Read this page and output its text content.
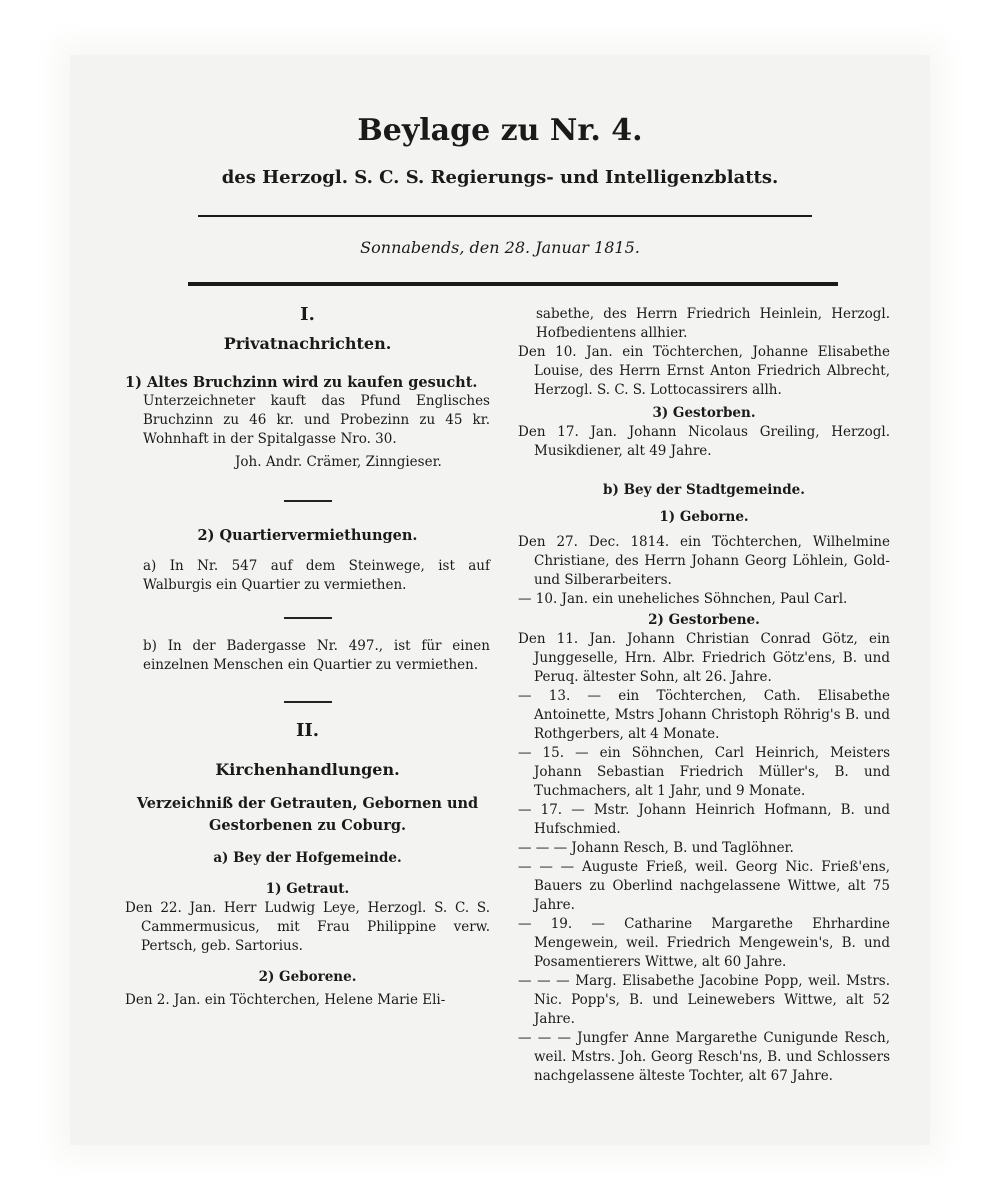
Beylage zu Nr. 4.
des Herzogl. S. C. S. Regierungs- und Intelligenzblatts.
Sonnabends, den 28. Januar 1815.

I.

Privatnachrichten.

1) Altes Bruchzinn wird zu kaufen gesucht.

Unterzeichneter kauft das Pfund Englisches Bruchzinn zu 46 kr. und Probezinn zu 45 kr. Wohnhaft in der Spitalgasse Nro. 30.

Joh. Andr. Crämer, Zinngieser.

2) Quartiervermiethungen.

a) In Nr. 547 auf dem Steinwege, ist auf Walburgis ein Quartier zu vermiethen.

b) In der Badergasse Nr. 497., ist für einen einzelnen Menschen ein Quartier zu vermiethen.

II.

Kirchenhandlungen.

Verzeichniß der Getrauten, Gebornen und Gestorbenen zu Coburg.

a) Bey der Hofgemeinde.

1) Getraut.

Den 22. Jan. Herr Ludwig Leye, Herzogl. S. C. S. Cammermusicus, mit Frau Philippine verw. Pertsch, geb. Sartorius.

2) Geborene.

Den 2. Jan. ein Töchterchen, Helene Marie Eli-

sabethe, des Herrn Friedrich Heinlein, Herzogl. Hofbedientens allhier.

Den 10. Jan. ein Töchterchen, Johanne Elisabethe Louise, des Herrn Ernst Anton Friedrich Albrecht, Herzogl. S. C. S. Lottocassirers allh.

3) Gestorben.

Den 17. Jan. Johann Nicolaus Greiling, Herzogl. Musikdiener, alt 49 Jahre.

b) Bey der Stadtgemeinde.

1) Geborne.

Den 27. Dec. 1814. ein Töchterchen, Wilhelmine Christiane, des Herrn Johann Georg Löhlein, Gold- und Silberarbeiters.

— 10. Jan. ein uneheliches Söhnchen, Paul Carl.

2) Gestorbene.

Den 11. Jan. Johann Christian Conrad Götz, ein Junggeselle, Hrn. Albr. Friedrich Götz'ens, B. und Peruq. ältester Sohn, alt 26. Jahre.

— 13. — ein Töchterchen, Cath. Elisabethe Antoinette, Mstrs Johann Christoph Röhrig's B. und Rothgerbers, alt 4 Monate.

— 15. — ein Söhnchen, Carl Heinrich, Meisters Johann Sebastian Friedrich Müller's, B. und Tuchmachers, alt 1 Jahr, und 9 Monate.

— 17. — Mstr. Johann Heinrich Hofmann, B. und Hufschmied.

— — — Johann Resch, B. und Taglöhner.

— — — Auguste Frieß, weil. Georg Nic. Frieß'ens, Bauers zu Oberlind nachgelassene Wittwe, alt 75 Jahre.

— 19. — Catharine Margarethe Ehrhardine Mengewein, weil. Friedrich Mengewein's, B. und Posamentierers Wittwe, alt 60 Jahre.

— — — Marg. Elisabethe Jacobine Popp, weil. Mstrs. Nic. Popp's, B. und Leinewebers Wittwe, alt 52 Jahre.

— — — Jungfer Anne Margarethe Cunigunde Resch, weil. Mstrs. Joh. Georg Resch'ns, B. und Schlossers nachgelassene älteste Tochter, alt 67 Jahre.
